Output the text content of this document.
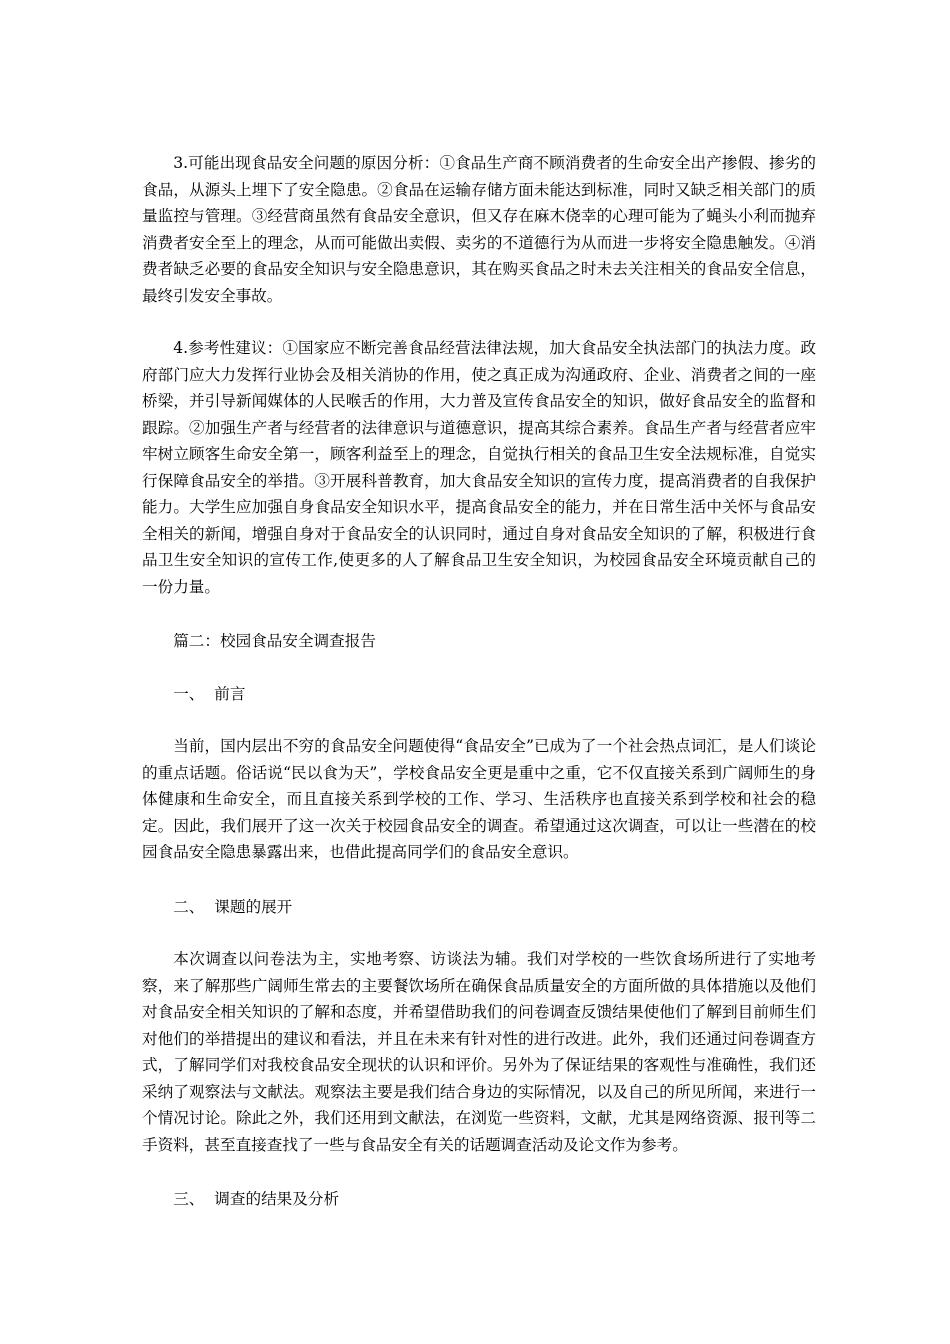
3.可能出现食品安全问题的原因分析：①食品生产商不顾消费者的生命安全出产掺假、掺劣的食品，从源头上埋下了安全隐患。②食品在运输存储方面未能达到标准，同时又缺乏相关部门的质量监控与管理。③经营商虽然有食品安全意识，但又存在麻木侥幸的心理可能为了蝇头小利而抛弃消费者安全至上的理念，从而可能做出卖假、卖劣的不道德行为从而进一步将安全隐患触发。④消费者缺乏必要的食品安全知识与安全隐患意识，其在购买食品之时未去关注相关的食品安全信息，最终引发安全事故。

4.参考性建议：①国家应不断完善食品经营法律法规，加大食品安全执法部门的执法力度。政府部门应大力发挥行业协会及相关消协的作用，使之真正成为沟通政府、企业、消费者之间的一座桥梁，并引导新闻媒体的人民喉舌的作用，大力普及宣传食品安全的知识，做好食品安全的监督和跟踪。②加强生产者与经营者的法律意识与道德意识，提高其综合素养。食品生产者与经营者应牢牢树立顾客生命安全第一，顾客利益至上的理念，自觉执行相关的食品卫生安全法规标准，自觉实行保障食品安全的举措。③开展科普教育，加大食品安全知识的宣传力度，提高消费者的自我保护能力。大学生应加强自身食品安全知识水平，提高食品安全的能力，并在日常生活中关怀与食品安全相关的新闻，增强自身对于食品安全的认识同时，通过自身对食品安全知识的了解，积极进行食品卫生安全知识的宣传工作,使更多的人了解食品卫生安全知识，为校园食品安全环境贡献自己的一份力量。

篇二：校园食品安全调查报告

一、  前言

当前，国内层出不穷的食品安全问题使得“食品安全”已成为了一个社会热点词汇，是人们谈论的重点话题。俗话说“民以食为天”，学校食品安全更是重中之重，它不仅直接关系到广阔师生的身体健康和生命安全，而且直接关系到学校的工作、学习、生活秩序也直接关系到学校和社会的稳定。因此，我们展开了这一次关于校园食品安全的调查。希望通过这次调查，可以让一些潜在的校园食品安全隐患暴露出来，也借此提高同学们的食品安全意识。

二、  课题的展开

本次调查以问卷法为主，实地考察、访谈法为辅。我们对学校的一些饮食场所进行了实地考察，来了解那些广阔师生常去的主要餐饮场所在确保食品质量安全的方面所做的具体措施以及他们对食品安全相关知识的了解和态度，并希望借助我们的问卷调查反馈结果使他们了解到目前师生们对他们的举措提出的建议和看法，并且在未来有针对性的进行改进。此外，我们还通过问卷调查方式，了解同学们对我校食品安全现状的认识和评价。另外为了保证结果的客观性与准确性，我们还采纳了观察法与文献法。观察法主要是我们结合身边的实际情况，以及自己的所见所闻，来进行一个情况讨论。除此之外，我们还用到文献法，在浏览一些资料，文献，尤其是网络资源、报刊等二手资料，甚至直接查找了一些与食品安全有关的话题调查活动及论文作为参考。

三、  调查的结果及分析
